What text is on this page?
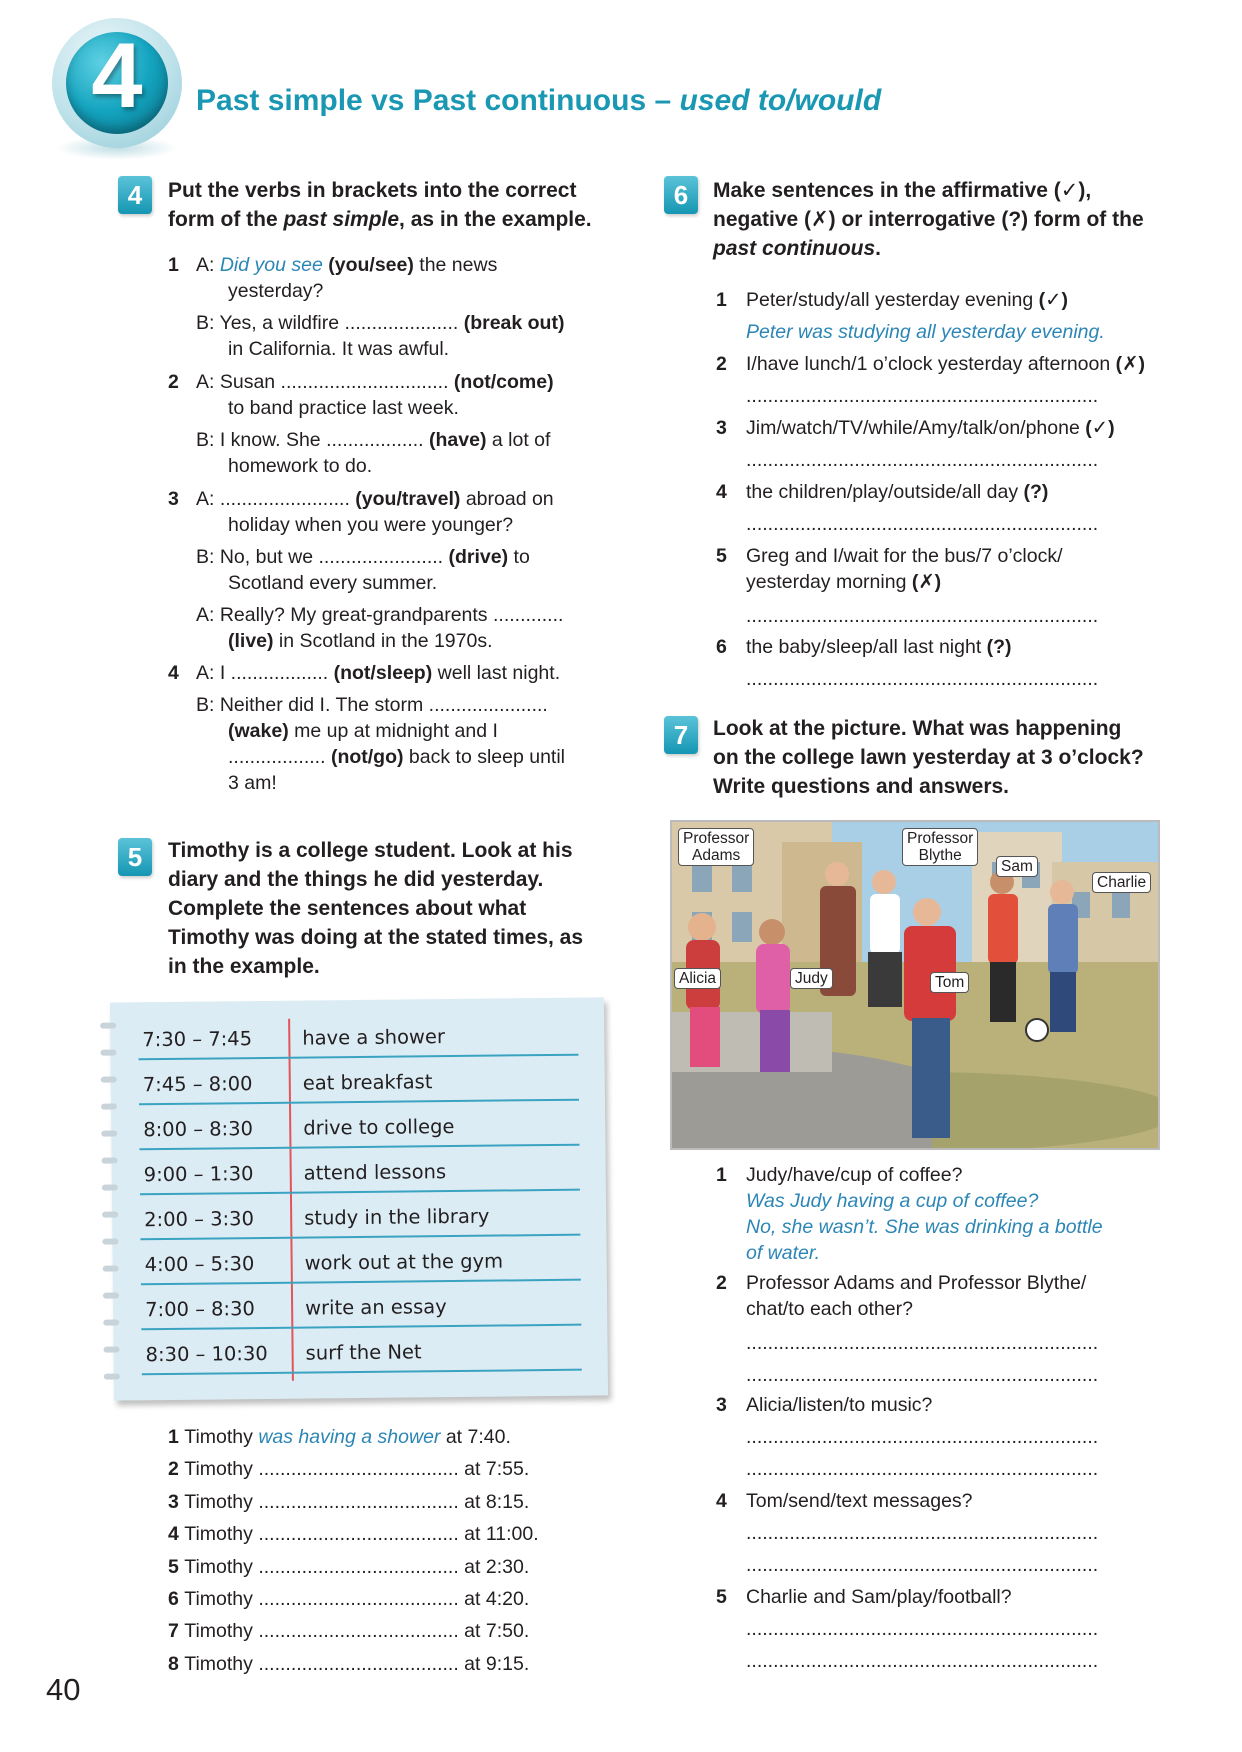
4	Past simple vs Past continuous – used to/would
4	Put the verbs in brackets into the correct
form of the past simple, as in the example.
1 A: Did you see (you/see) the news
yesterday?
B: Yes, a wildfire ..................... (break out)
in California. It was awful.
2 A: Susan ............................... (not/come)
to band practice last week.
B: I know. She .................. (have) a lot of
homework to do.
3 A: ........................ (you/travel) abroad on
holiday when you were younger?
B: No, but we ....................... (drive) to
Scotland every summer.
A: Really? My great-grandparents .............
(live) in Scotland in the 1970s.
4 A: I .................. (not/sleep) well last night.
B: Neither did I. The storm ......................
(wake) me up at midnight and I
.................. (not/go) back to sleep until
3 am!
5	Timothy is a college student. Look at his
diary and the things he did yesterday.
Complete the sentences about what
Timothy was doing at the stated times, as
in the example.
7:30 – 7:45	have a shower
7:45 – 8:00	eat breakfast
8:00 – 8:30	drive to college
9:00 – 1:30	attend lessons
2:00 – 3:30	study in the library
4:00 – 5:30	work out at the gym
7:00 – 8:30	write an essay
8:30 – 10:30 surf the Net
1 Timothy was having a shower at 7:40.
2 Timothy ..................................... at 7:55.
3 Timothy ..................................... at 8:15.
4 Timothy ..................................... at 11:00.
5 Timothy ..................................... at 2:30.
6 Timothy ..................................... at 4:20.
7 Timothy ..................................... at 7:50.
8 Timothy ..................................... at 9:15.
6	Make sentences in the affirmative (✓),
negative (✗) or interrogative (?) form of the
past continuous.
1 Peter/study/all yesterday evening (✓)
Peter was studying all yesterday evening.
2 I/have lunch/1 o’clock yesterday afternoon (✗)
.................................................................
3 Jim/watch/TV/while/Amy/talk/on/phone (✓)
.................................................................
4 the children/play/outside/all day (?)
.................................................................
5 Greg and I/wait for the bus/7 o’clock/
yesterday morning (✗)
.................................................................
6 the baby/sleep/all last night (?)
.................................................................
7	Look at the picture. What was happening
on the college lawn yesterday at 3 o’clock?
Write questions and answers.
Professor
Adams
Professor
Blythe
Sam
Charlie
Alicia	Judy	Tom
1 Judy/have/cup of coffee?
Was Judy having a cup of coffee?
No, she wasn’t. She was drinking a bottle
of water.
2 Professor Adams and Professor Blythe/
chat/to each other?
.................................................................
.................................................................
3 Alicia/listen/to music?
.................................................................
.................................................................
4 Tom/send/text messages?
.................................................................
.................................................................
5 Charlie and Sam/play/football?
.................................................................
.................................................................
40
